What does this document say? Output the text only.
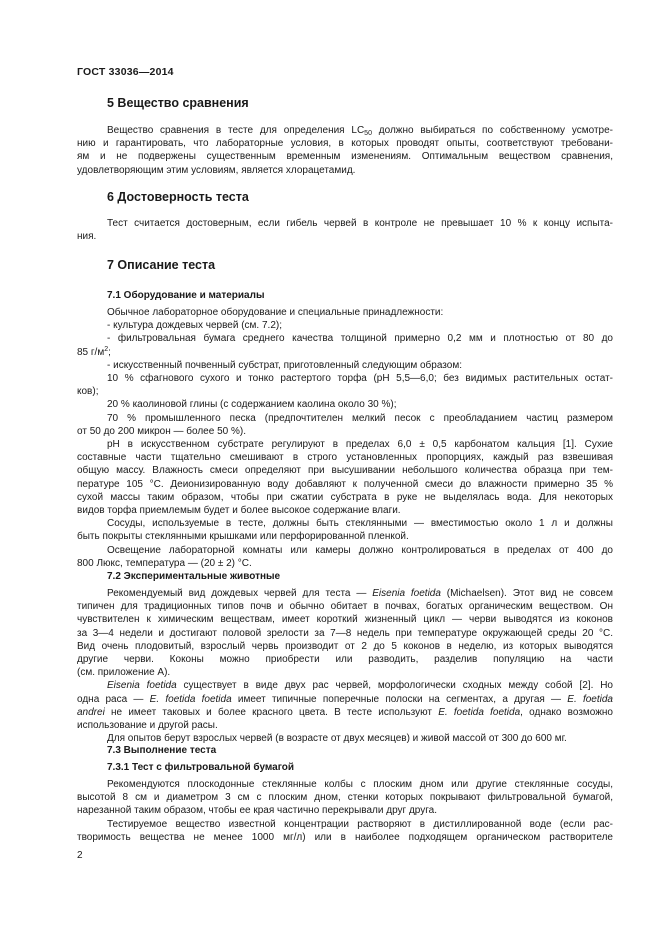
ГОСТ 33036—2014
5 Вещество сравнения
Вещество сравнения в тесте для определения $LC_{50}$ должно выбираться по собственному усмотре-
нию и гарантировать, что лабораторные условия, в которых проводят опыты, соответствуют требовани-
ям и не подвержены существенным временным изменениям. Оптимальным веществом сравнения,
удовлетворяющим этим условиям, является хлорацетамид.
6 Достоверность теста
Тест считается достоверным, если гибель червей в контроле не превышает 10 % к концу испыта-
ния.
7 Описание теста
7.1 Оборудование и материалы
Обычное лабораторное оборудование и специальные принадлежности:
- культура дождевых червей (см. 7.2);
- фильтровальная бумага среднего качества толщиной примерно 0,2 мм и плотностью от 80 до
85 $г/м^2$;
- искусственный почвенный субстрат, приготовленный следующим образом:
10 % сфагнового сухого и тонко растертого торфа (pH 5,5—6,0; без видимых растительных остат-
ков);
20 % каолиновой глины (с содержанием каолина около 30 %);
70 % промышленного песка (предпочтителен мелкий песок с преобладанием частиц размером
от 50 до 200 микрон — более 50 %).
pH в искусственном субстрате регулируют в пределах 6,0 ± 0,5 карбонатом кальция [1]. Сухие
составные части тщательно смешивают в строго установленных пропорциях, каждый раз взвешивая
общую массу. Влажность смеси определяют при высушивании небольшого количества образца при тем-
пературе 105 °С. Деионизированную воду добавляют к полученной смеси до влажности примерно 35 %
сухой массы таким образом, чтобы при сжатии субстрата в руке не выделялась вода. Для некоторых
видов торфа приемлемым будет и более высокое содержание влаги.
Сосуды, используемые в тесте, должны быть стеклянными — вместимостью около 1 л и должны
быть покрыты стеклянными крышками или перфорированной пленкой.
Освещение лабораторной комнаты или камеры должно контролироваться в пределах от 400 до
800 Люкс, температура — (20 ± 2) °С.
7.2 Экспериментальные животные
Рекомендуемый вид дождевых червей для теста — Eisenia foetida (Michaelsen). Этот вид не совсем
типичен для традиционных типов почв и обычно обитает в почвах, богатых органическим веществом. Он
чувствителен к химическим веществам, имеет короткий жизненный цикл — черви выводятся из коконов
за 3—4 недели и достигают половой зрелости за 7—8 недель при температуре окружающей среды 20 °С.
Вид очень плодовитый, взрослый червь производит от 2 до 5 коконов в неделю, из которых выводятся
другие черви. Коконы можно приобрести или разводить, разделив популяцию на части
(см. приложение А).
Eisenia foetida существует в виде двух рас червей, морфологически сходных между собой [2]. Но
одна раса — E. foetida foetida имеет типичные поперечные полоски на сегментах, а другая — E. foetida
andrei не имеет таковых и более красного цвета. В тесте используют E. foetida foetida, однако возможно
использование и другой расы.
Для опытов берут взрослых червей (в возрасте от двух месяцев) и живой массой от 300 до 600 мг.
7.3 Выполнение теста
7.3.1 Тест с фильтровальной бумагой
Рекомендуются плоскодонные стеклянные колбы с плоским дном или другие стеклянные сосуды,
высотой 8 см и диаметром 3 см с плоским дном, стенки которых покрывают фильтровальной бумагой,
нарезанной таким образом, чтобы ее края частично перекрывали друг друга.
Тестируемое вещество известной концентрации растворяют в дистиллированной воде (если рас-
творимость вещества не менее 1000 мг/л) или в наиболее подходящем органическом растворителе
2
